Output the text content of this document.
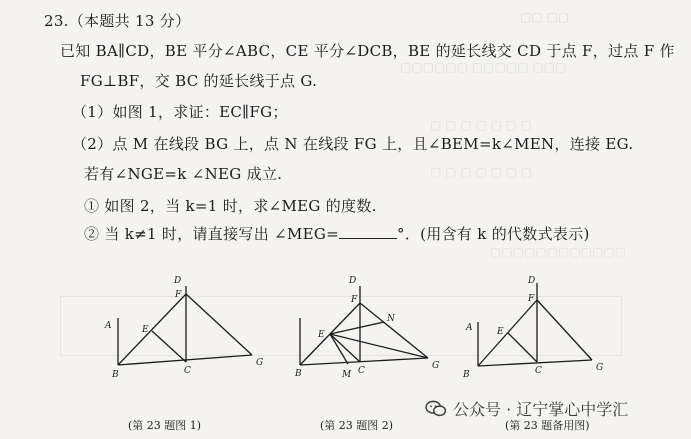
▢▢ ▢▢
▢▢▢▢▢▢ ▢▢▢▢▢ ▢▢▢
▢ ▢ ▢ ▢ ▢ ▢ ▢
▢ ▢ ▢ ▢ ▢ ▢ ▢
▢▢▢▢▢▢▢▢▢▢▢▢
23.（本题共 13 分）
已知 BA∥CD，BE 平分∠ABC，CE 平分∠DCB，BE 的延长线交 CD 于点 F，过点 F 作
FG⊥BF，交 BC 的延长线于点 G.
（1）如图 1，求证：EC∥FG；
（2）点 M 在线段 BG 上，点 N 在线段 FG 上，且∠BEM=k∠MEN，连接 EG.
若有∠NGE=k ∠NEG 成立.
① 如图 2，当 k=1 时，求∠MEG 的度数.
② 当 k≠1 时，请直接写出 ∠MEG=	°．(用含有 k 的代数式表示)
D
F
A	E
B	C
G
D
F
N
E
B	M C	G
D
F
A	E
B	C	G
(第 23 题图 1)	(第 23 题图 2)	(第 23 题备用图)
公众号 · 辽宁掌心中学汇
